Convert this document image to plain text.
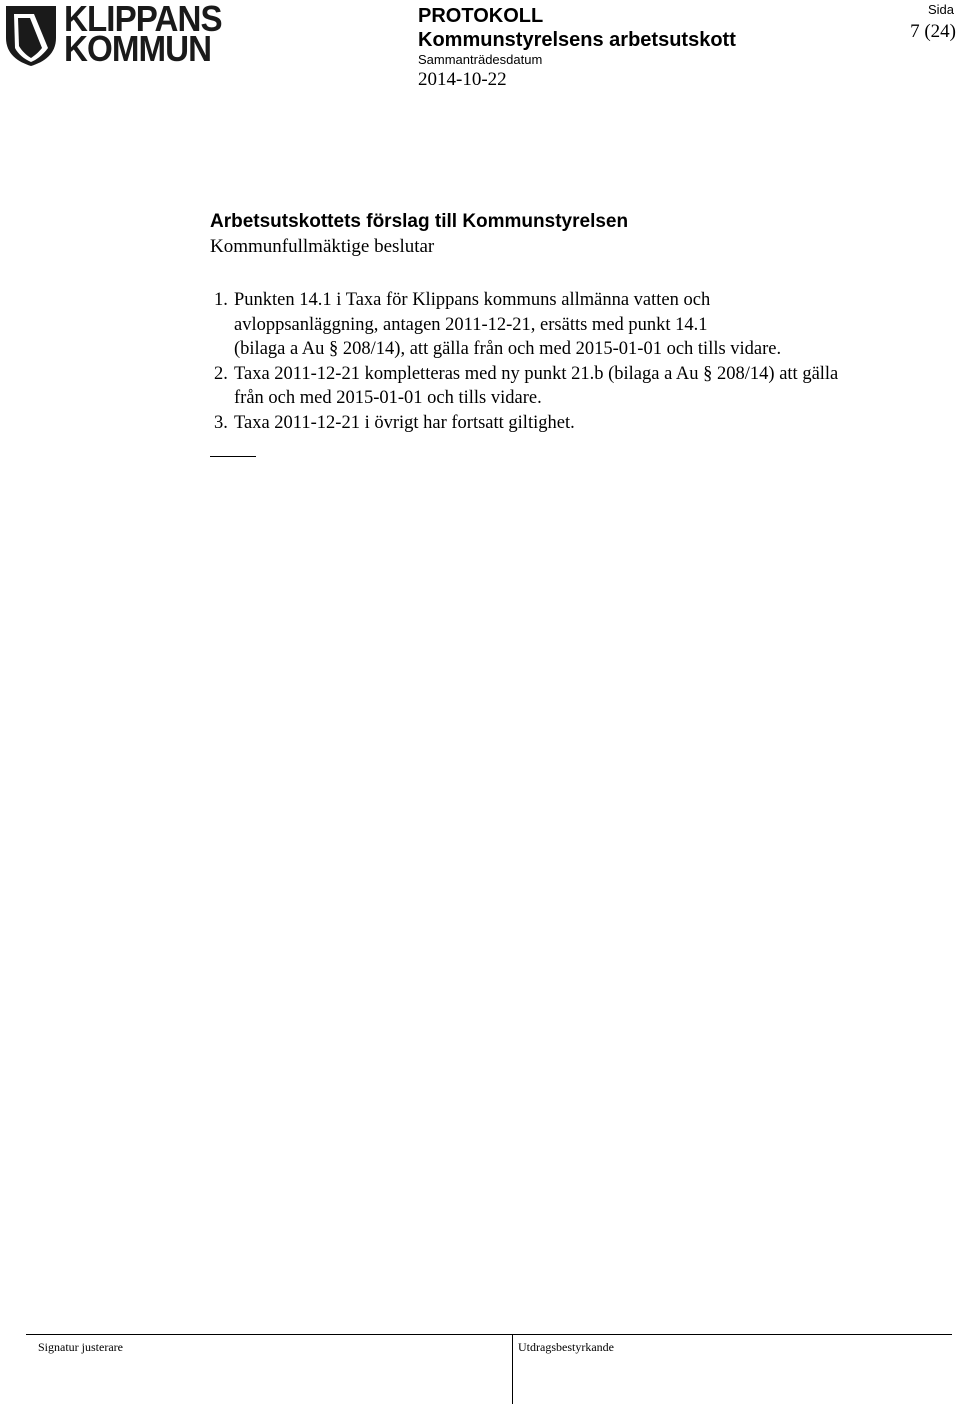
KLIPPANS
KOMMUN
PROTOKOLL
Kommunstyrelsens arbetsutskott
Sammanträdesdatum
2014-10-22
Sida
7 (24)
Arbetsutskottets förslag till Kommunstyrelsen
Kommunfullmäktige beslutar
1. Punkten 14.1 i Taxa för Klippans kommuns allmänna vatten och
avloppsanläggning, antagen 2011-12-21, ersätts med punkt 14.1
(bilaga a Au § 208/14), att gälla från och med 2015-01-01 och tills vidare.
2. Taxa 2011-12-21 kompletteras med ny punkt 21.b (bilaga a Au § 208/14) att gälla
från och med 2015-01-01 och tills vidare.
3. Taxa 2011-12-21 i övrigt har fortsatt giltighet.
Signatur justerare	Utdragsbestyrkande
